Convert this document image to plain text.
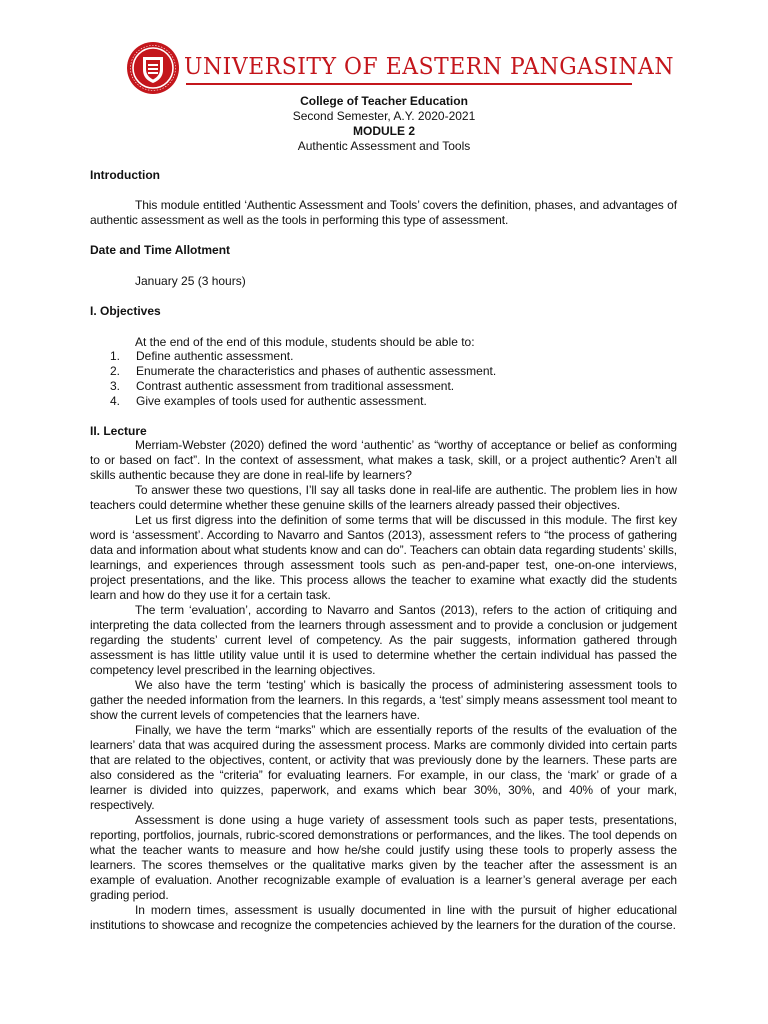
UNIVERSITY OF EASTERN PANGASINAN
College of Teacher Education
Second Semester, A.Y. 2020-2021
MODULE 2
Authentic Assessment and Tools
Introduction

This module entitled ‘Authentic Assessment and Tools’ covers the definition, phases, and advantages of authentic assessment as well as the tools in performing this type of assessment.

Date and Time Allotment
January 25 (3 hours)
I. Objectives
At the end of the end of this module, students should be able to:
1. Define authentic assessment.
2. Enumerate the characteristics and phases of authentic assessment.
3. Contrast authentic assessment from traditional assessment.
4. Give examples of tools used for authentic assessment.
II. Lecture

Merriam-Webster (2020) defined the word ‘authentic’ as “worthy of acceptance or belief as conforming to or based on fact”. In the context of assessment, what makes a task, skill, or a project authentic? Aren’t all skills authentic because they are done in real-life by learners?

To answer these two questions, I’ll say all tasks done in real-life are authentic. The problem lies in how teachers could determine whether these genuine skills of the learners already passed their objectives.

Let us first digress into the definition of some terms that will be discussed in this module. The first key word is ‘assessment’. According to Navarro and Santos (2013), assessment refers to “the process of gathering data and information about what students know and can do”. Teachers can obtain data regarding students’ skills, learnings, and experiences through assessment tools such as pen-and-paper test, one-on-one interviews, project presentations, and the like. This process allows the teacher to examine what exactly did the students learn and how do they use it for a certain task.

The term ‘evaluation’, according to Navarro and Santos (2013), refers to the action of critiquing and interpreting the data collected from the learners through assessment and to provide a conclusion or judgement regarding the students’ current level of competency. As the pair suggests, information gathered through assessment is has little utility value until it is used to determine whether the certain individual has passed the competency level prescribed in the learning objectives.

We also have the term ‘testing’ which is basically the process of administering assessment tools to gather the needed information from the learners. In this regards, a ‘test’ simply means assessment tool meant to show the current levels of competencies that the learners have.

Finally, we have the term “marks” which are essentially reports of the results of the evaluation of the learners’ data that was acquired during the assessment process. Marks are commonly divided into certain parts that are related to the objectives, content, or activity that was previously done by the learners. These parts are also considered as the “criteria” for evaluating learners. For example, in our class, the ‘mark’ or grade of a learner is divided into quizzes, paperwork, and exams which bear 30%, 30%, and 40% of your mark, respectively.

Assessment is done using a huge variety of assessment tools such as paper tests, presentations, reporting, portfolios, journals, rubric-scored demonstrations or performances, and the likes. The tool depends on what the teacher wants to measure and how he/she could justify using these tools to properly assess the learners. The scores themselves or the qualitative marks given by the teacher after the assessment is an example of evaluation. Another recognizable example of evaluation is a learner’s general average per each grading period.

In modern times, assessment is usually documented in line with the pursuit of higher educational institutions to showcase and recognize the competencies achieved by the learners for the duration of the course.
